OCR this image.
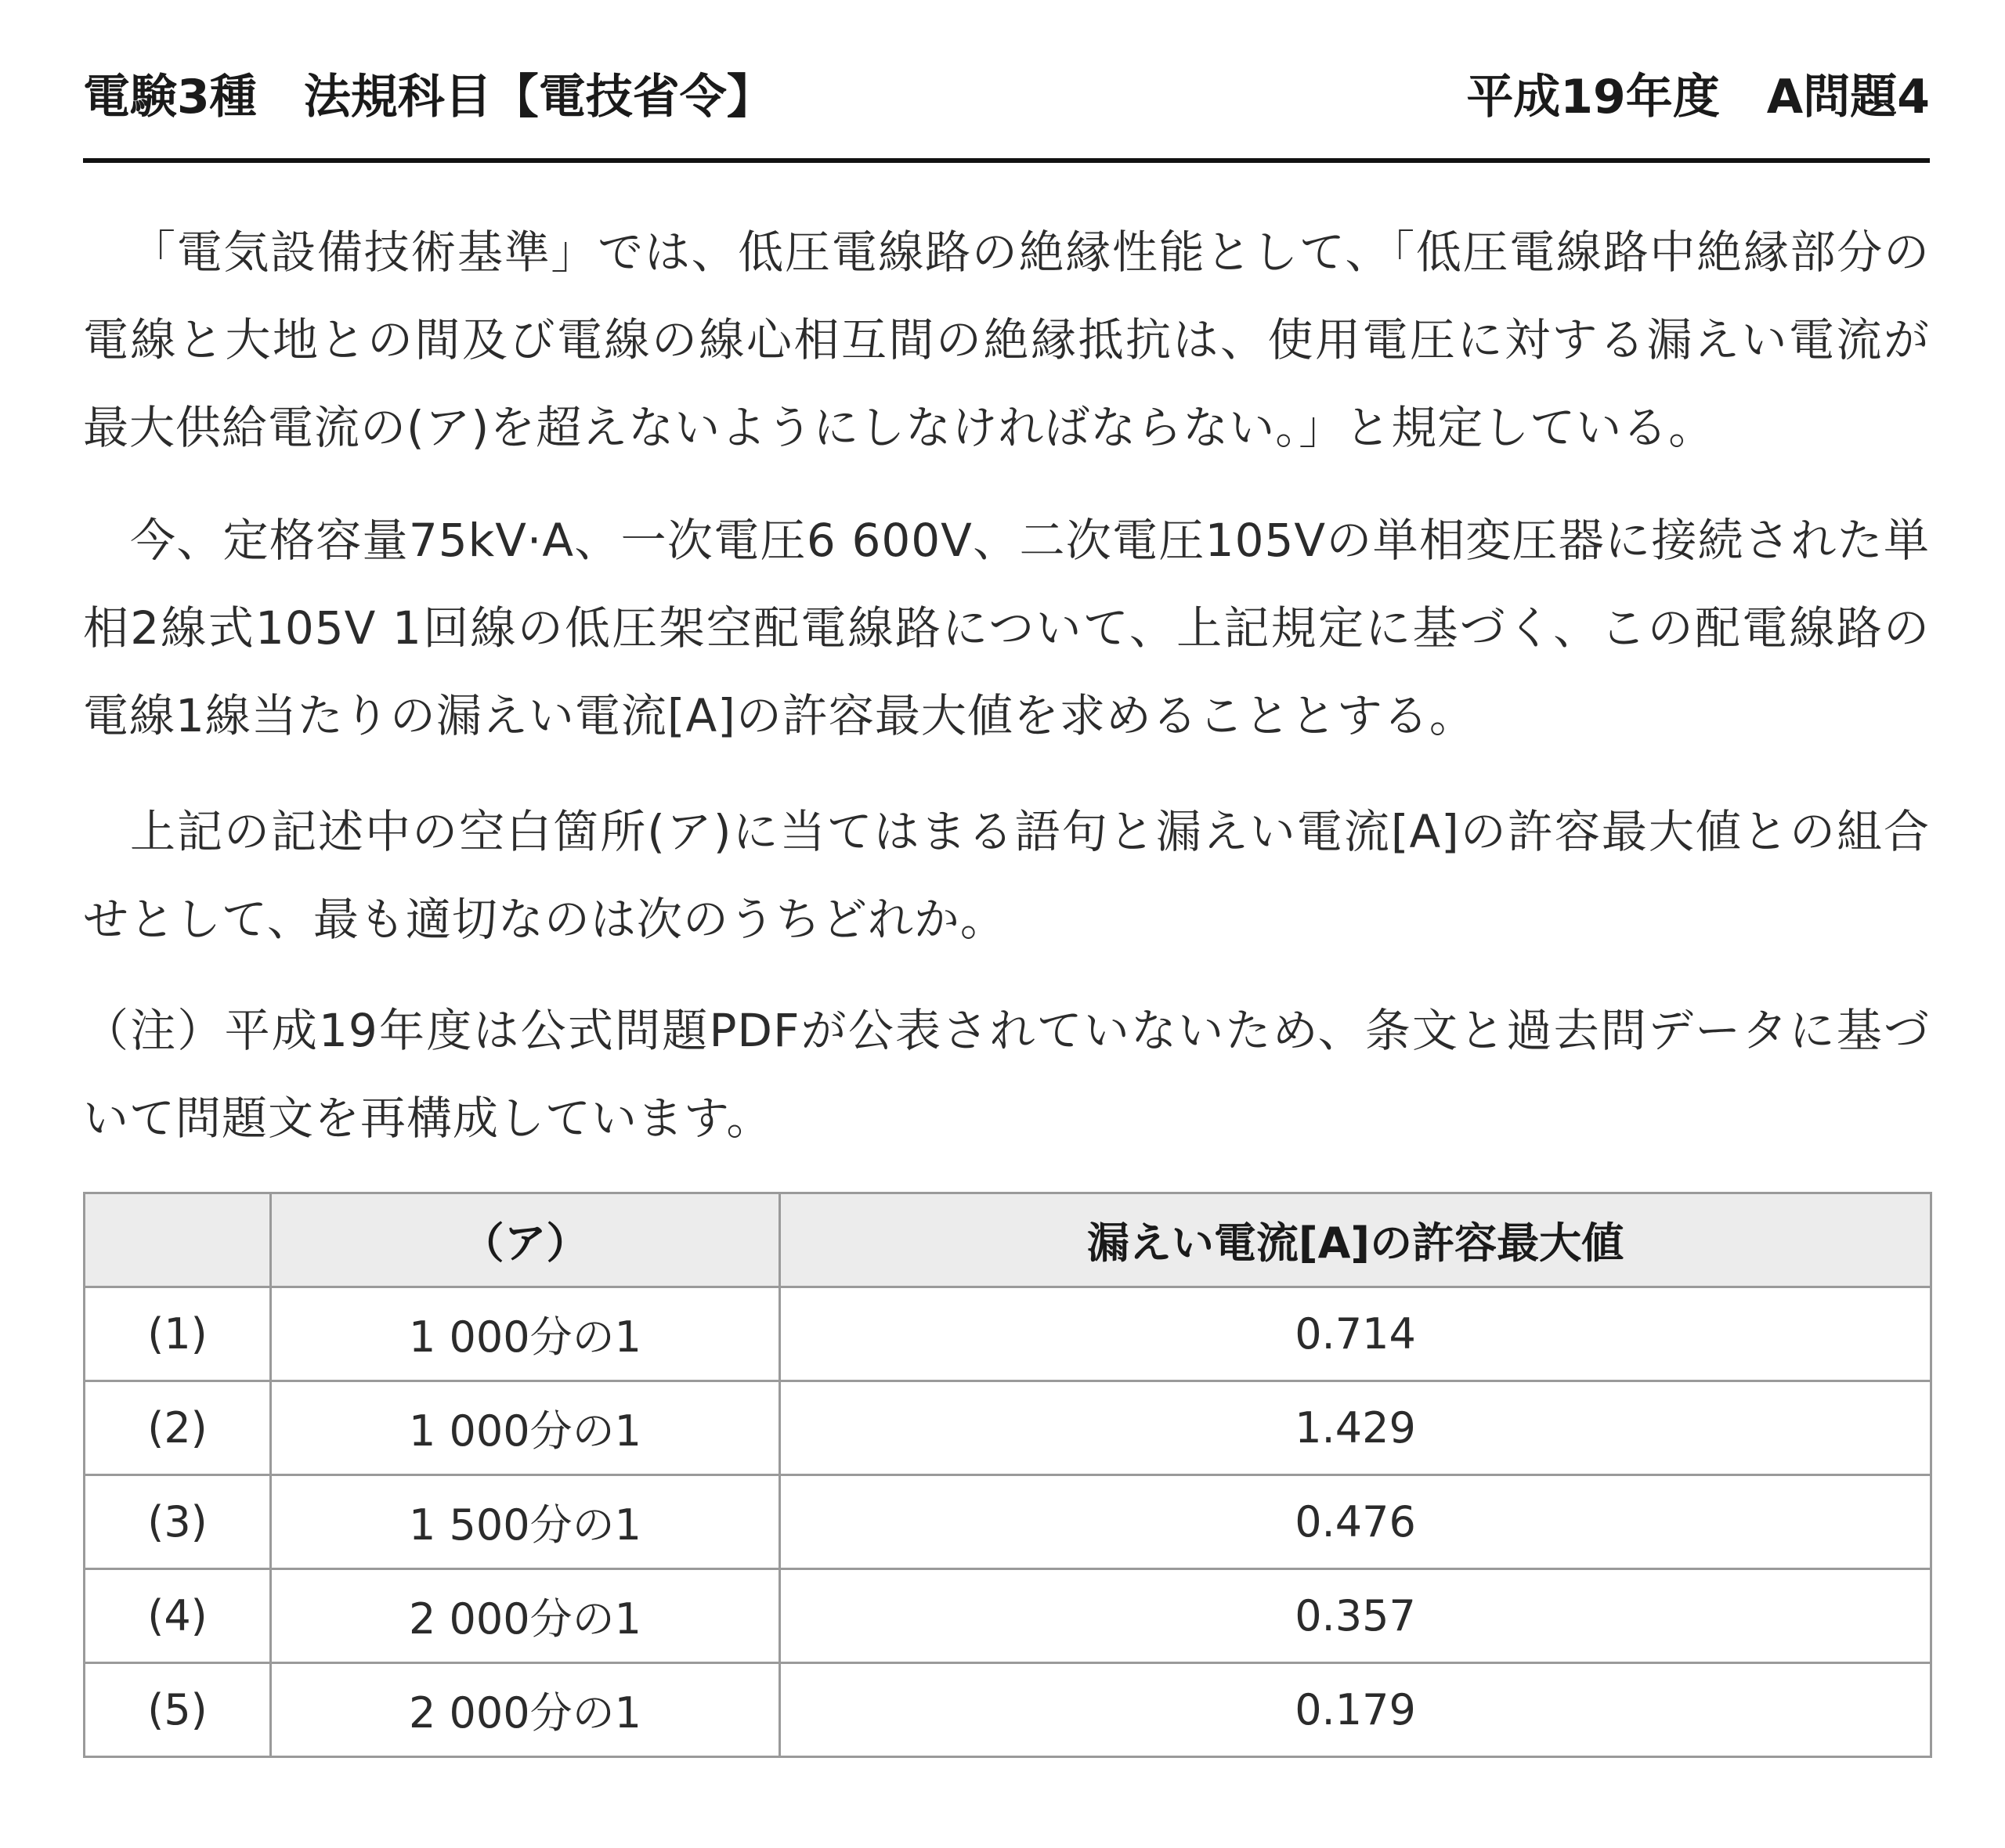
電験3種　法規科目【電技省令】	平成19年度　A問題4

「電気設備技術基準」では、低圧電線路の絶縁性能として、「低圧電線路中絶縁部分の電線と大地との間及び電線の線心相互間の絶縁抵抗は、使用電圧に対する漏えい電流が最大供給電流の(ア)を超えないようにしなければならない。」と規定している。

今、定格容量75kV·A、一次電圧6 600V、二次電圧105Vの単相変圧器に接続された単相2線式105V 1回線の低圧架空配電線路について、上記規定に基づく、この配電線路の電線1線当たりの漏えい電流[A]の許容最大値を求めることとする。

上記の記述中の空白箇所(ア)に当てはまる語句と漏えい電流[A]の許容最大値との組合せとして、最も適切なのは次のうちどれか。

（注）平成19年度は公式問題PDFが公表されていないため、条文と過去問データに基づいて問題文を再構成しています。

	（ア）	漏えい電流[A]の許容最大値
(1)	1 000分の1	0.714
(2)	1 000分の1	1.429
(3)	1 500分の1	0.476
(4)	2 000分の1	0.357
(5)	2 000分の1	0.179
